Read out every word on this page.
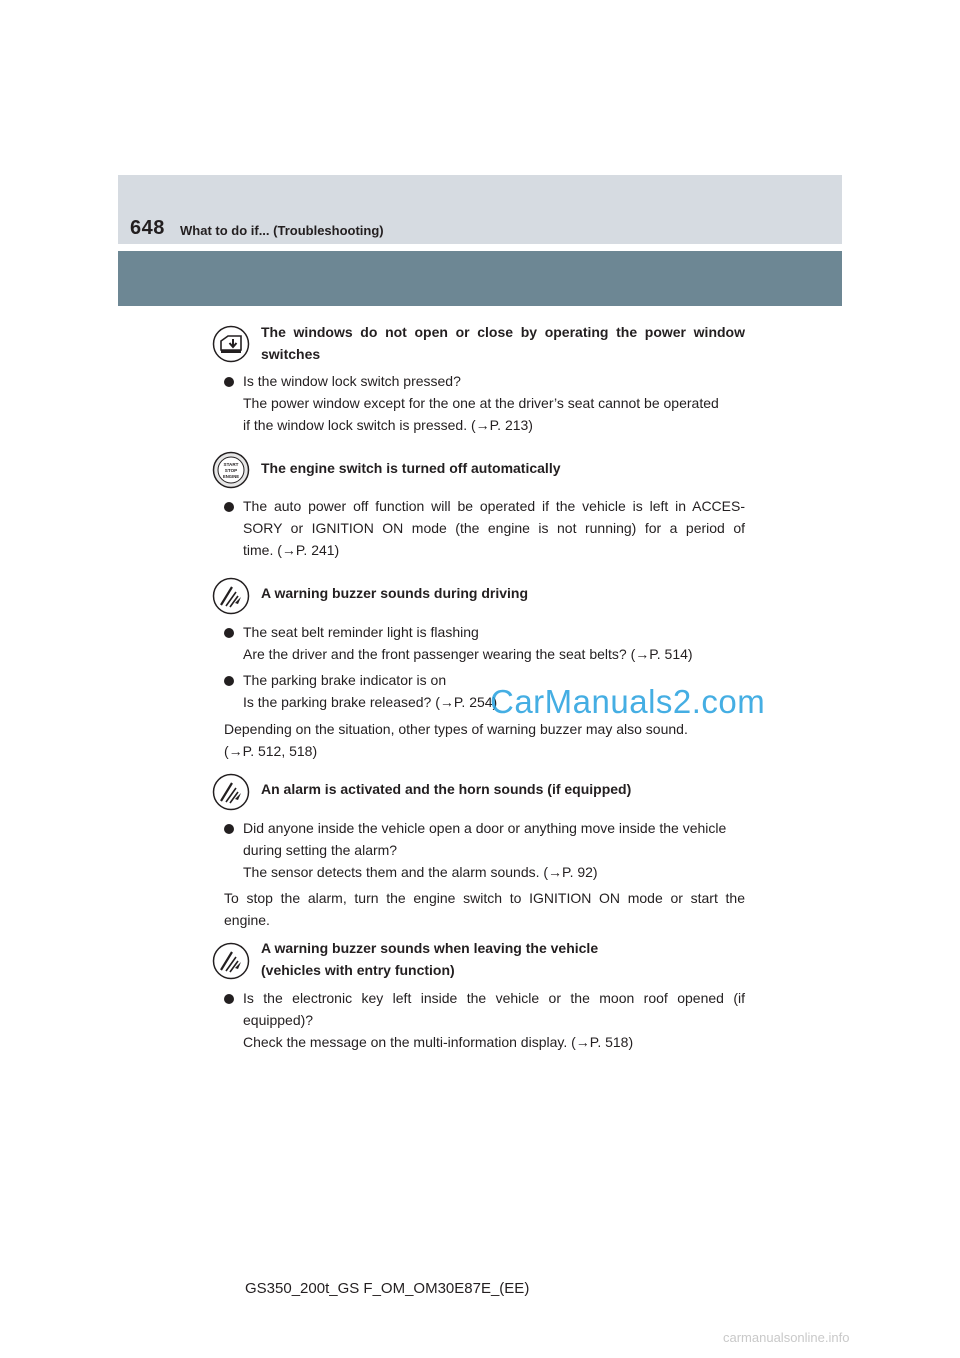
648 What to do if... (Troubleshooting)
The windows do not open or close by operating the power window
switches
Is the window lock switch pressed?
The power window except for the one at the driver’s seat cannot be operated
if the window lock switch is pressed. (→P. 213)
START
STOP
ENGINE
The engine switch is turned off automatically
The auto power off function will be operated if the vehicle is left in ACCES-
SORY or IGNITION ON mode (the engine is not running) for a period of
time. (→P. 241)
A warning buzzer sounds during driving
The seat belt reminder light is flashing
Are the driver and the front passenger wearing the seat belts? (→P. 514)
The parking brake indicator is on
Is the parking brake released? (→P. 254)
Depending on the situation, other types of warning buzzer may also sound.
(→P. 512, 518)
An alarm is activated and the horn sounds (if equipped)
Did anyone inside the vehicle open a door or anything move inside the vehicle
during setting the alarm?
The sensor detects them and the alarm sounds. (→P. 92)
To stop the alarm, turn the engine switch to IGNITION ON mode or start the
engine.
A warning buzzer sounds when leaving the vehicle
(vehicles with entry function)
Is the electronic key left inside the vehicle or the moon roof opened (if
equipped)?
Check the message on the multi-information display. (→P. 518)
CarManuals2.com
GS350_200t_GS F_OM_OM30E87E_(EE)
carmanualsonline.info
